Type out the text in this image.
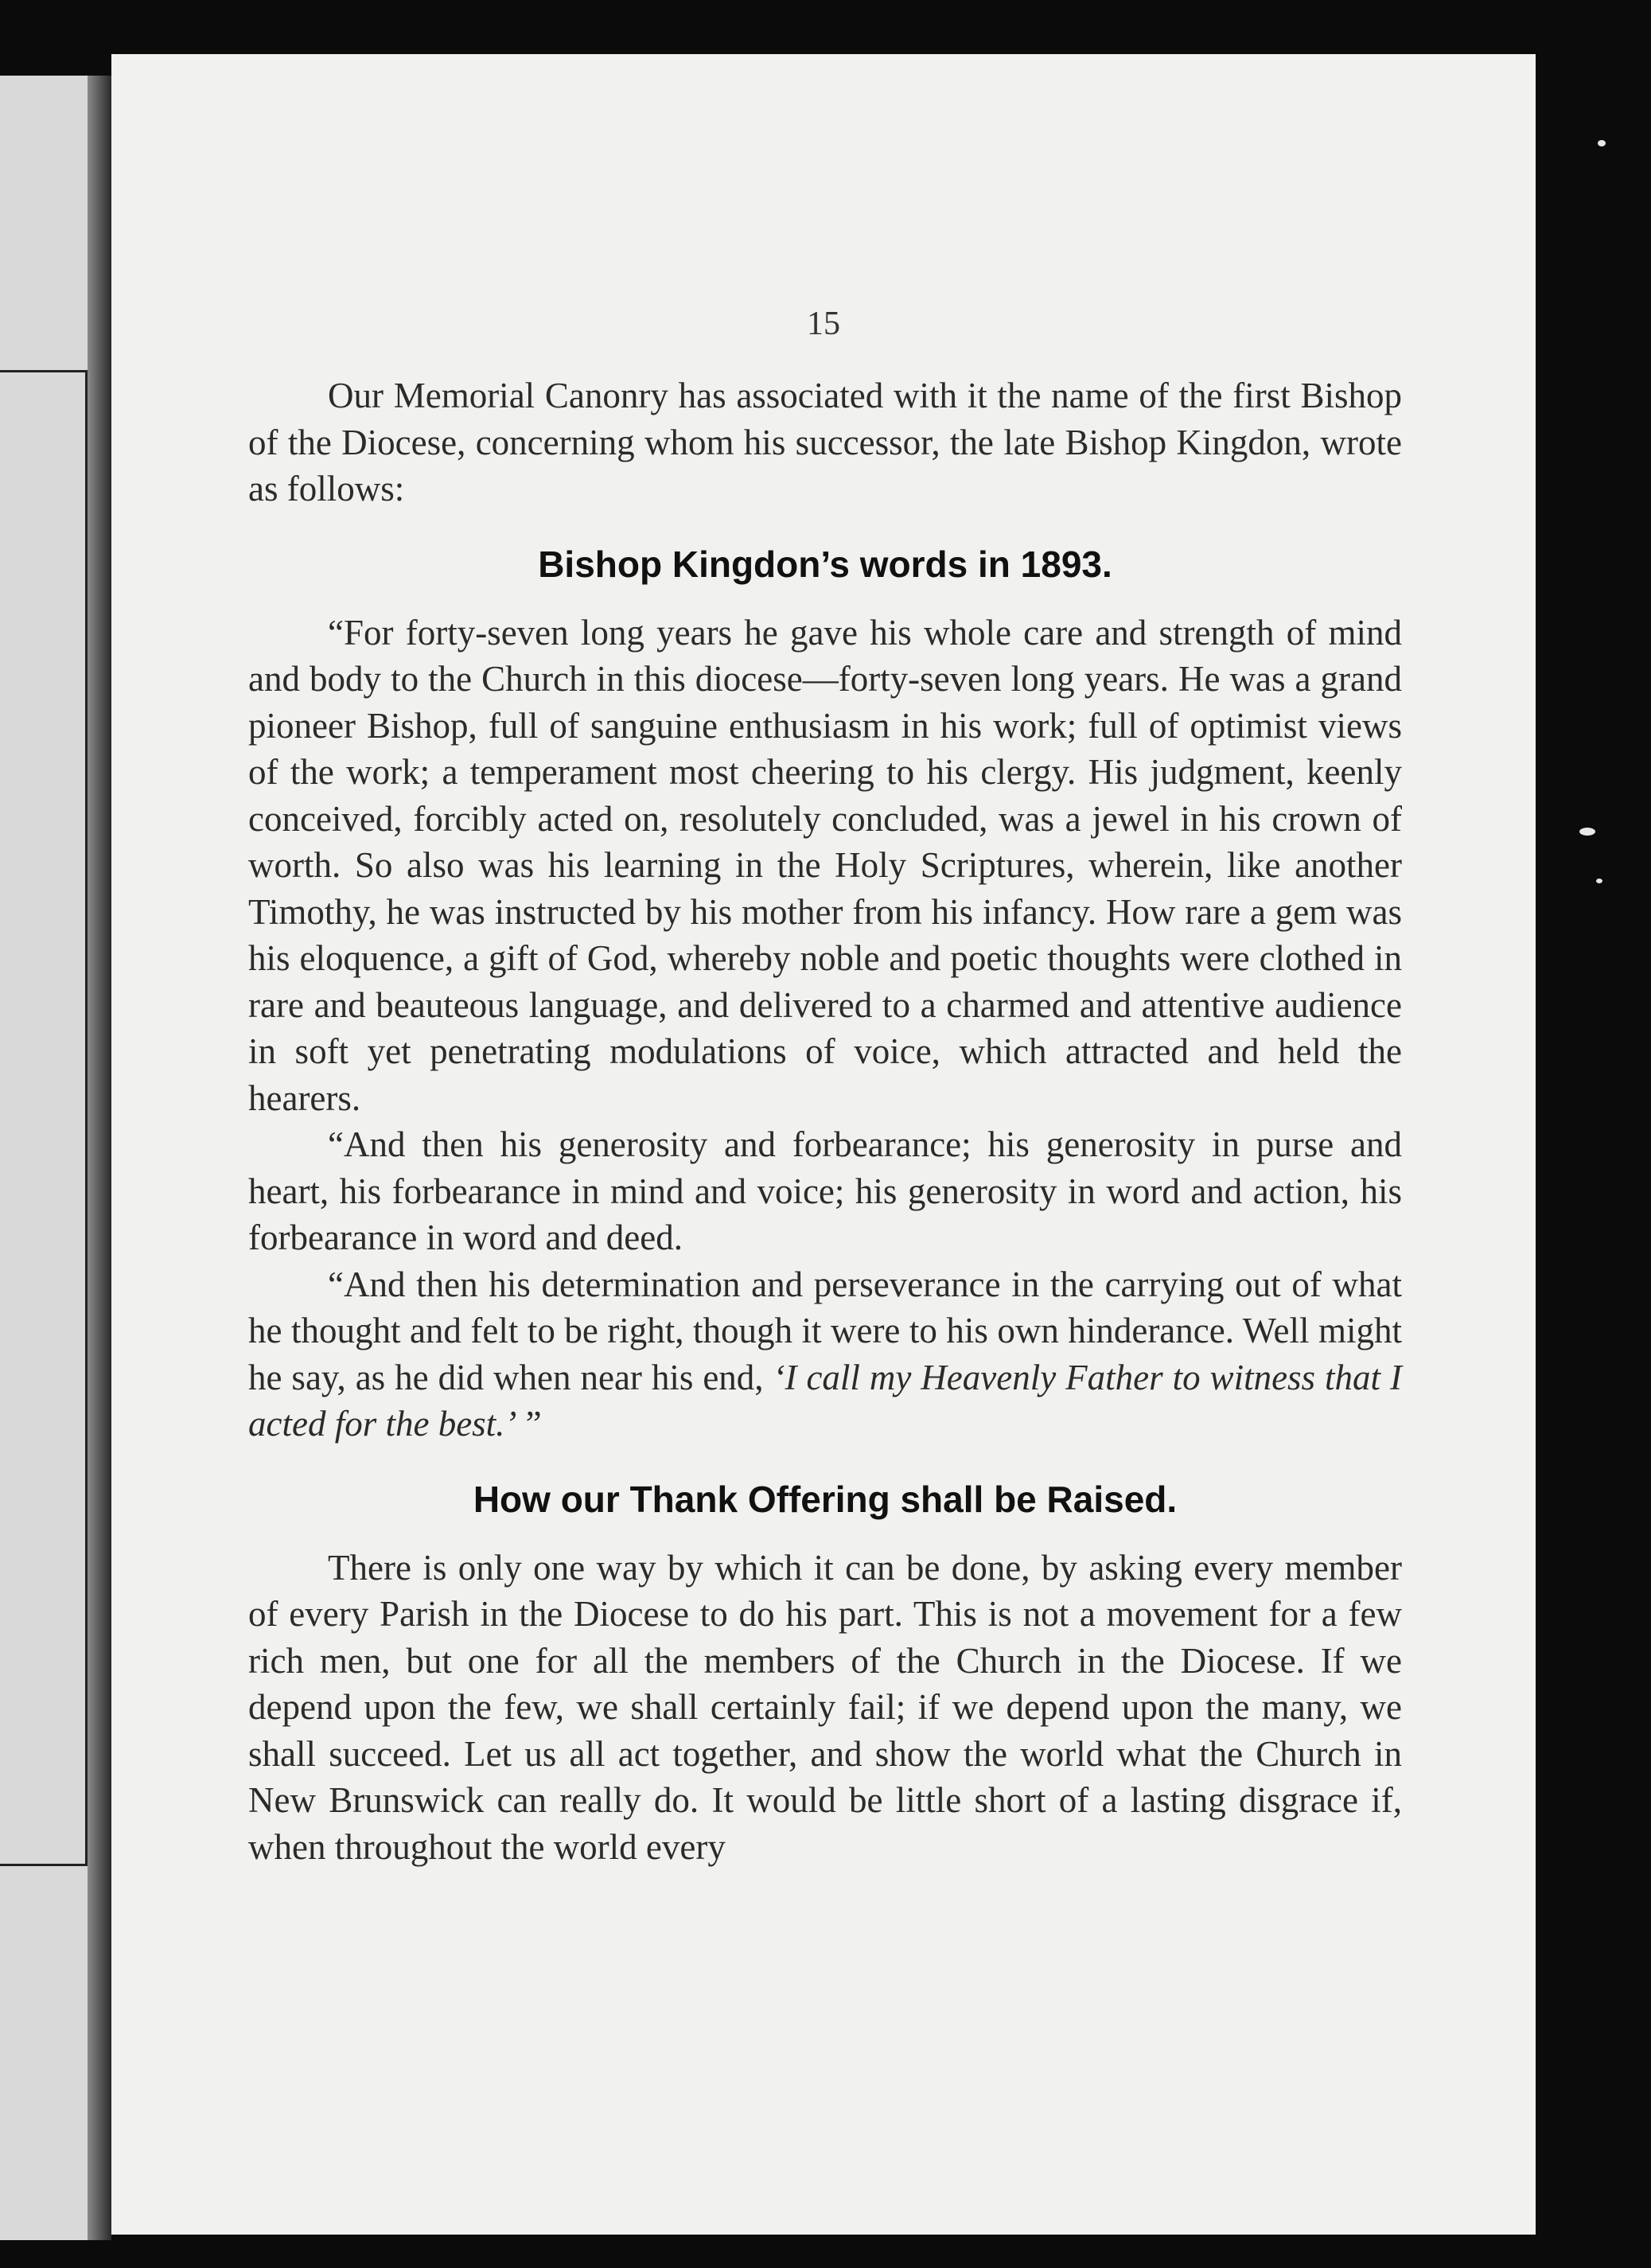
15

Our Memorial Canonry has associated with it the name of the first Bishop of the Diocese, concerning whom his successor, the late Bishop Kingdon, wrote as follows:

Bishop Kingdon’s words in 1893.

“For forty-seven long years he gave his whole care and strength of mind and body to the Church in this diocese—forty-seven long years. He was a grand pioneer Bishop, full of sanguine enthusiasm in his work; full of optimist views of the work; a temperament most cheering to his clergy. His judgment, keenly conceived, forcibly acted on, resolutely concluded, was a jewel in his crown of worth. So also was his learning in the Holy Scriptures, wherein, like another Timothy, he was instructed by his mother from his infancy. How rare a gem was his eloquence, a gift of God, whereby noble and poetic thoughts were clothed in rare and beauteous language, and delivered to a charmed and attentive audience in soft yet penetrating modulations of voice, which attracted and held the hearers.

“And then his generosity and forbearance; his generosity in purse and heart, his forbearance in mind and voice; his generosity in word and action, his forbearance in word and deed.

“And then his determination and perseverance in the carrying out of what he thought and felt to be right, though it were to his own hinderance. Well might he say, as he did when near his end, ‘I call my Heavenly Father to witness that I acted for the best.’ ”

How our Thank Offering shall be Raised.

There is only one way by which it can be done, by asking every member of every Parish in the Diocese to do his part. This is not a movement for a few rich men, but one for all the members of the Church in the Diocese. If we depend upon the few, we shall certainly fail; if we depend upon the many, we shall succeed. Let us all act together, and show the world what the Church in New Brunswick can really do. It would be little short of a lasting disgrace if, when throughout the world every
